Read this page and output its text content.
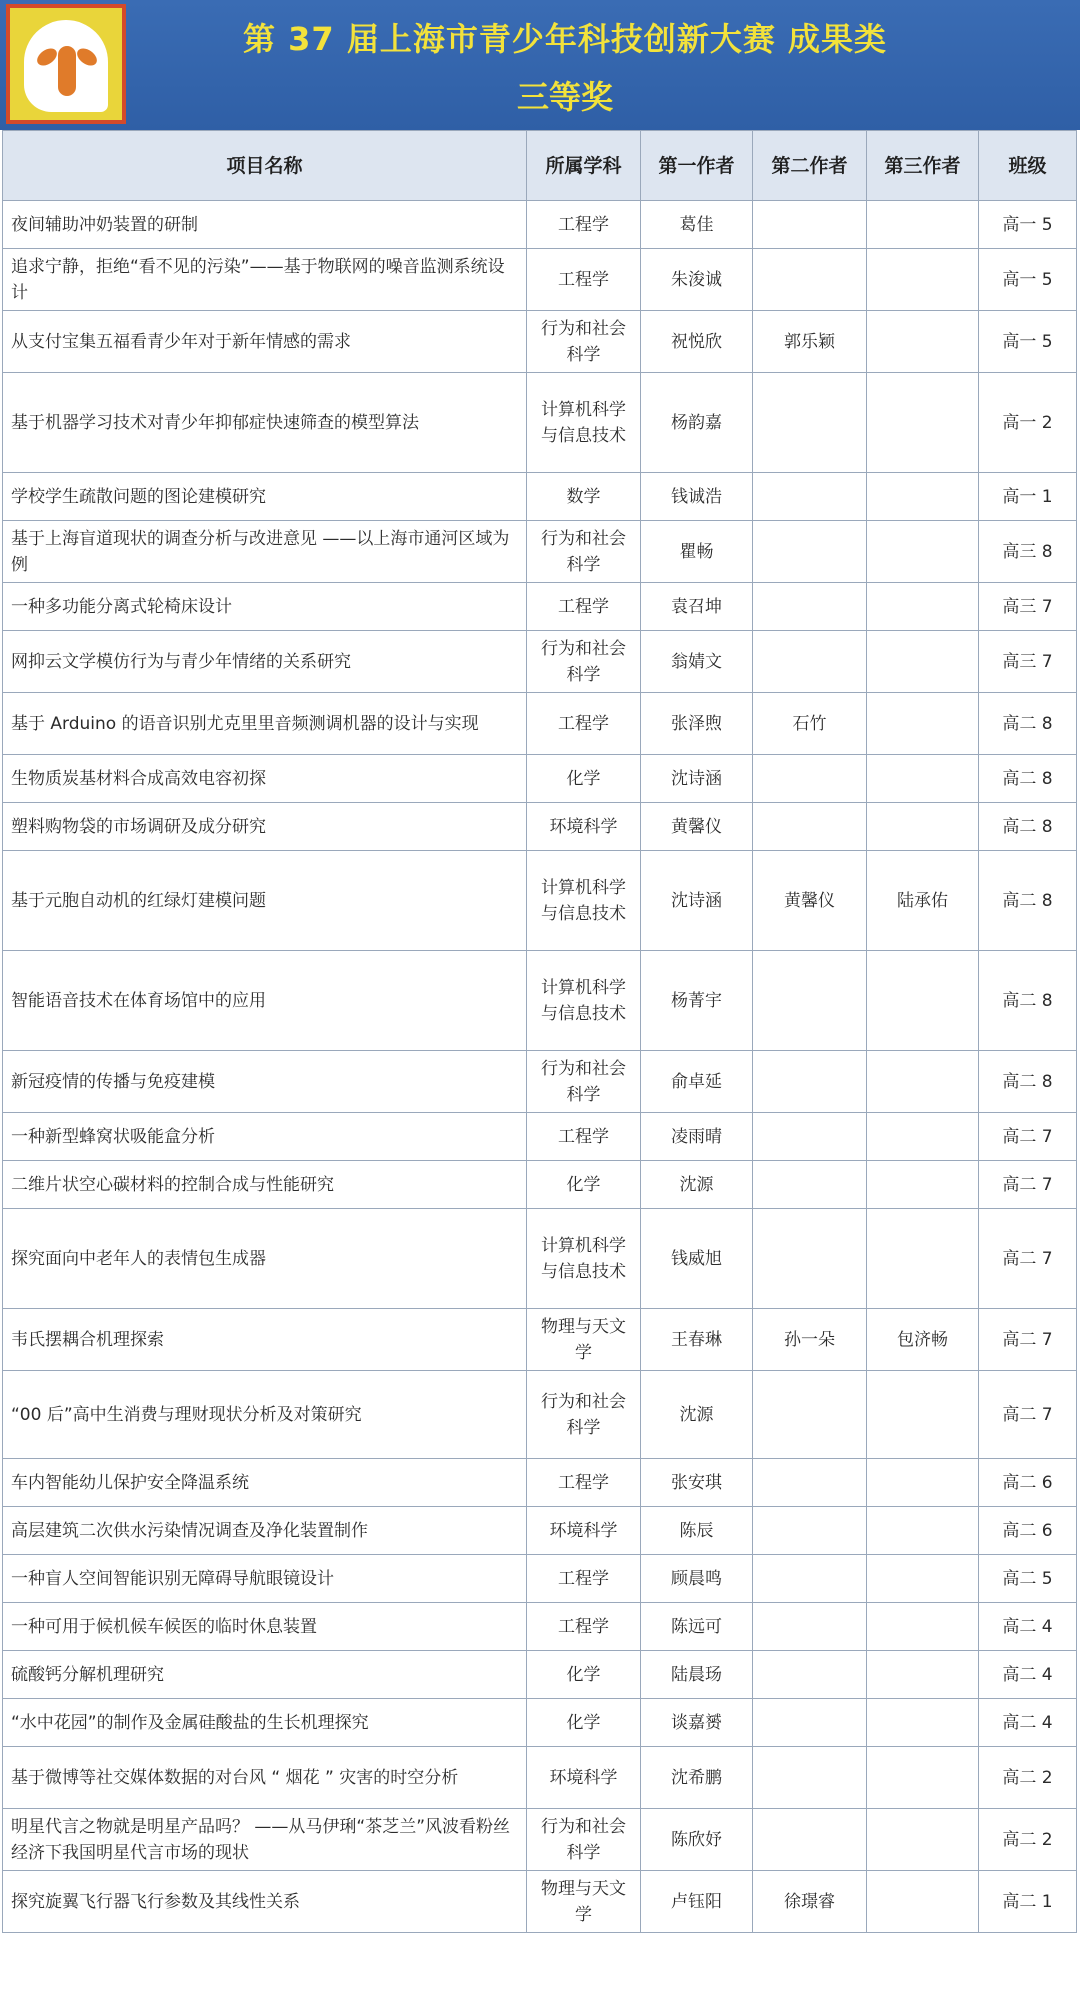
第 37 届上海市青少年科技创新大赛 成果类
三等奖
项目名称	所属学科	第一作者	第二作者	第三作者	班级
夜间辅助冲奶装置的研制	工程学	葛佳			高一 5
追求宁静，拒绝“看不见的污染”——基于物联网的噪音监测系统设计	工程学	朱浚诚			高一 5
从支付宝集五福看青少年对于新年情感的需求	行为和社会科学	祝悦欣	郭乐颖		高一 5
基于机器学习技术对青少年抑郁症快速筛查的模型算法	计算机科学与信息技术	杨韵嘉			高一 2
学校学生疏散问题的图论建模研究	数学	钱诚浩			高一 1
基于上海盲道现状的调查分析与改进意见 ——以上海市通河区域为例	行为和社会科学	瞿畅			高三 8
一种多功能分离式轮椅床设计	工程学	袁召坤			高三 7
网抑云文学模仿行为与青少年情绪的关系研究	行为和社会科学	翁婧文			高三 7
基于 Arduino 的语音识别尤克里里音频测调机器的设计与实现	工程学	张泽煦	石竹		高二 8
生物质炭基材料合成高效电容初探	化学	沈诗涵			高二 8
塑料购物袋的市场调研及成分研究	环境科学	黄馨仪			高二 8
基于元胞自动机的红绿灯建模问题	计算机科学与信息技术	沈诗涵	黄馨仪	陆承佑	高二 8
智能语音技术在体育场馆中的应用	计算机科学与信息技术	杨菁宇			高二 8
新冠疫情的传播与免疫建模	行为和社会科学	俞卓延			高二 8
一种新型蜂窝状吸能盒分析	工程学	凌雨晴			高二 7
二维片状空心碳材料的控制合成与性能研究	化学	沈源			高二 7
探究面向中老年人的表情包生成器	计算机科学与信息技术	钱威旭			高二 7
韦氏摆耦合机理探索	物理与天文学	王春琳	孙一朵	包济畅	高二 7
“00 后”高中生消费与理财现状分析及对策研究	行为和社会科学	沈源			高二 7
车内智能幼儿保护安全降温系统	工程学	张安琪			高二 6
高层建筑二次供水污染情况调查及净化装置制作	环境科学	陈辰			高二 6
一种盲人空间智能识别无障碍导航眼镜设计	工程学	顾晨鸣			高二 5
一种可用于候机候车候医的临时休息装置	工程学	陈远可			高二 4
硫酸钙分解机理研究	化学	陆晨玚			高二 4
“水中花园”的制作及金属硅酸盐的生长机理探究	化学	谈嘉赟			高二 4
基于微博等社交媒体数据的对台风 “ 烟花 ” 灾害的时空分析	环境科学	沈希鹏			高二 2
明星代言之物就是明星产品吗？ ——从马伊琍“茶芝兰”风波看粉丝经济下我国明星代言市场的现状	行为和社会科学	陈欣妤			高二 2
探究旋翼飞行器飞行参数及其线性关系	物理与天文学	卢钰阳	徐璟睿		高二 1
